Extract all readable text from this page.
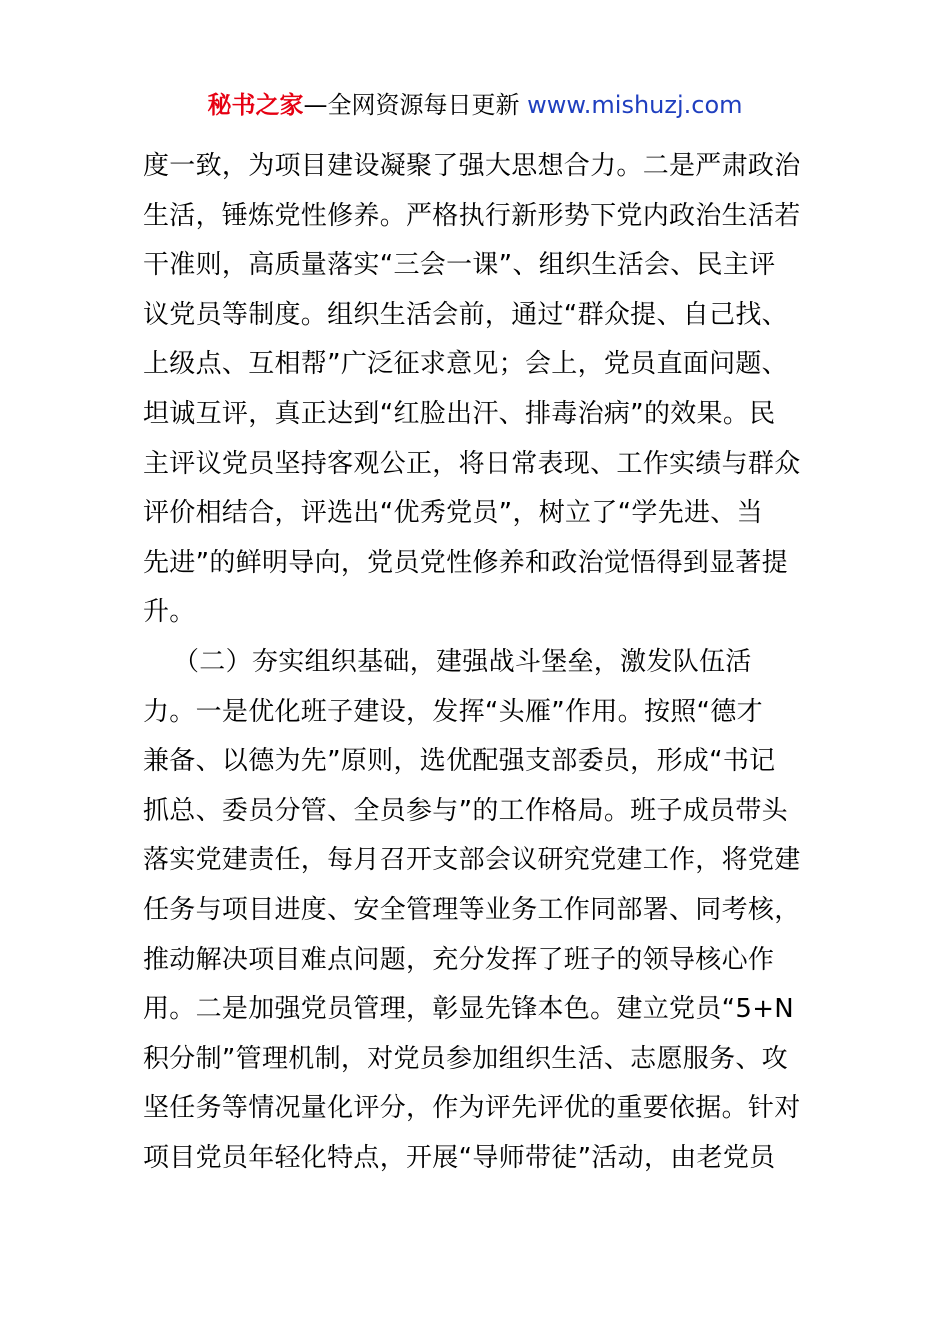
秘书之家—全网资源每日更新 www.mishuzj.com
度一致，为项目建设凝聚了强大思想合力。二是严肃政治
生活，锤炼党性修养。严格执行新形势下党内政治生活若
干准则，高质量落实“三会一课”、组织生活会、民主评
议党员等制度。组织生活会前，通过“群众提、自己找、
上级点、互相帮”广泛征求意见；会上，党员直面问题、
坦诚互评，真正达到“红脸出汗、排毒治病”的效果。民
主评议党员坚持客观公正，将日常表现、工作实绩与群众
评价相结合，评选出“优秀党员”，树立了“学先进、当
先进”的鲜明导向，党员党性修养和政治觉悟得到显著提
升。
（二）夯实组织基础，建强战斗堡垒，激发队伍活
力。一是优化班子建设，发挥“头雁”作用。按照“德才
兼备、以德为先”原则，选优配强支部委员，形成“书记
抓总、委员分管、全员参与”的工作格局。班子成员带头
落实党建责任，每月召开支部会议研究党建工作，将党建
任务与项目进度、安全管理等业务工作同部署、同考核，
推动解决项目难点问题，充分发挥了班子的领导核心作
用。二是加强党员管理，彰显先锋本色。建立党员“5+N
积分制”管理机制，对党员参加组织生活、志愿服务、攻
坚任务等情况量化评分，作为评先评优的重要依据。针对
项目党员年轻化特点，开展“导师带徒”活动，由老党员
